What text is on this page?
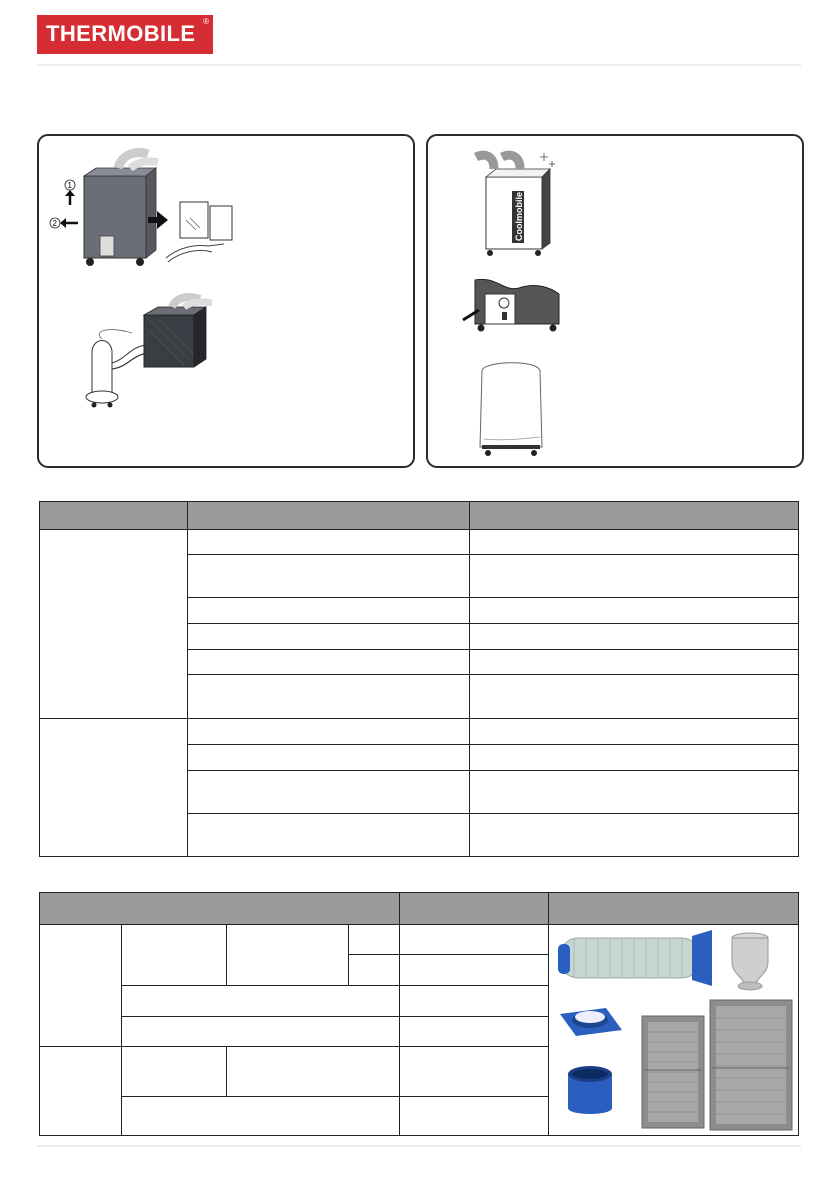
THERMOBILE ®
1
2	Coolmobile
